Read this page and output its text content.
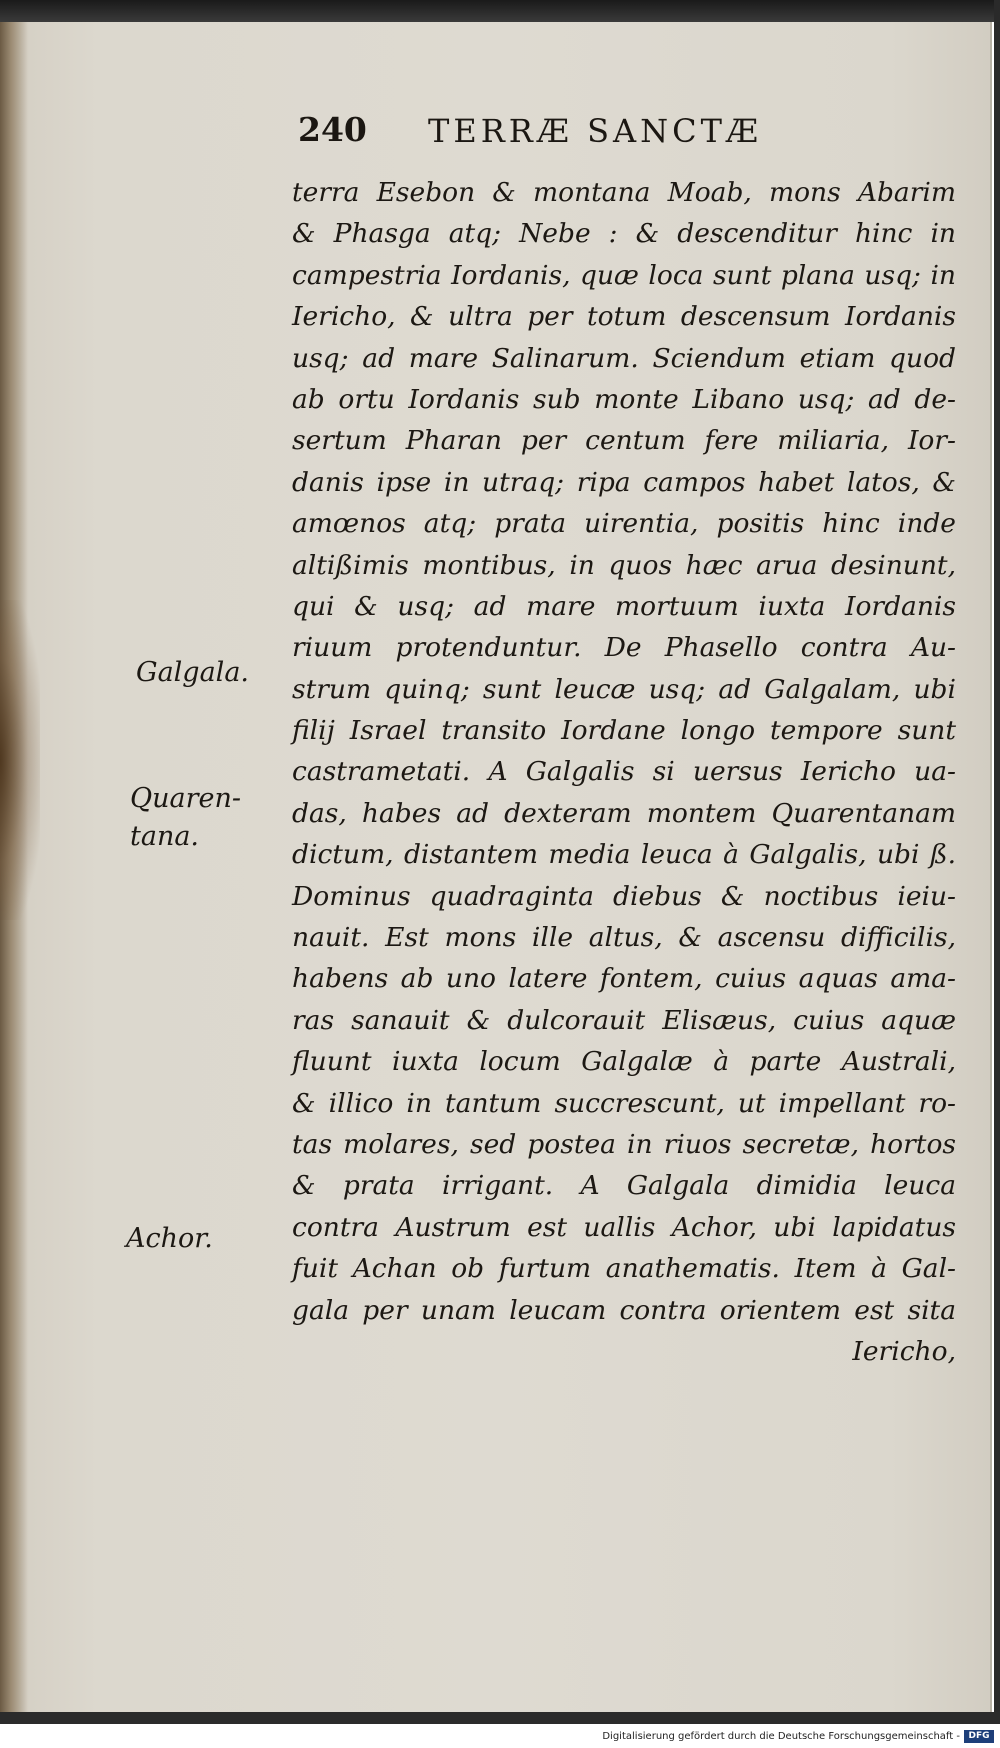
240 TERRÆ SANCTÆ
Galgala.
Quaren-
tana.
Achor.
terra Esebon & montana Moab, mons Abarim
& Phasga atq; Nebe : & descenditur hinc in
campestria Iordanis, quæ loca sunt plana usq; in
Iericho, & ultra per totum descensum Iordanis
usq; ad mare Salinarum. Sciendum etiam quod
ab ortu Iordanis sub monte Libano usq; ad de-
sertum Pharan per centum fere miliaria, Ior-
danis ipse in utraq; ripa campos habet latos, &
amœnos atq; prata uirentia, positis hinc inde
altißimis montibus, in quos hæc arua desinunt,
qui & usq; ad mare mortuum iuxta Iordanis
riuum protenduntur. De Phasello contra Au-
strum quinq; sunt leucæ usq; ad Galgalam, ubi
filij Israel transito Iordane longo tempore sunt
castrametati. A Galgalis si uersus Iericho ua-
das, habes ad dexteram montem Quarentanam
dictum, distantem media leuca à Galgalis, ubi ß.
Dominus quadraginta diebus & noctibus ieiu-
nauit. Est mons ille altus, & ascensu difficilis,
habens ab uno latere fontem, cuius aquas ama-
ras sanauit & dulcorauit Elisæus, cuius aquæ
fluunt iuxta locum Galgalæ à parte Australi,
& illico in tantum succrescunt, ut impellant ro-
tas molares, sed postea in riuos secretæ, hortos
& prata irrigant. A Galgala dimidia leuca
contra Austrum est uallis Achor, ubi lapidatus
fuit Achan ob furtum anathematis. Item à Gal-
gala per unam leucam contra orientem est sita
Iericho,
Digitalisierung gefördert durch die Deutsche Forschungsgemeinschaft - DFG
